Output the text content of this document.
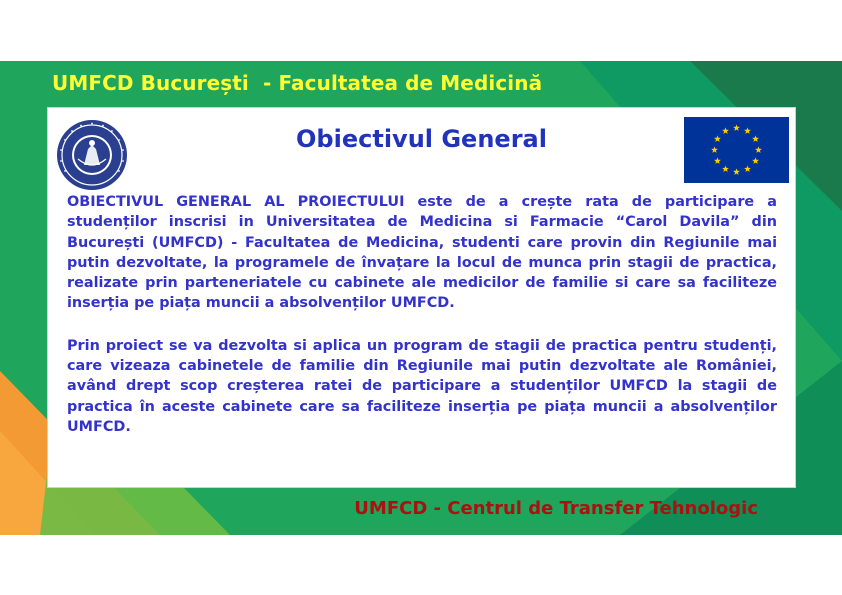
UMFCD București  - Facultatea de Medicină
Obiectivul General

OBIECTIVUL GENERAL AL PROIECTULUI este de a crește rata de participare a studenților inscrisi in Universitatea de Medicina si Farmacie “Carol Davila” din București (UMFCD) - Facultatea de Medicina, studenti care provin din Regiunile mai putin dezvoltate, la programele de învațare la locul de munca prin stagii de practica, realizate prin parteneriatele cu cabinete ale medicilor de familie si care sa faciliteze inserția pe piața muncii a absolvenților UMFCD.

Prin proiect se va dezvolta si aplica un program de stagii de practica pentru studenți, care vizeaza cabinetele de familie din Regiunile mai putin dezvoltate ale României, având drept scop creșterea ratei de participare a studenților UMFCD la stagii de practica în aceste cabinete care sa faciliteze inserția pe piața muncii a absolvenților UMFCD.

UMFCD - Centrul de Transfer Tehnologic
